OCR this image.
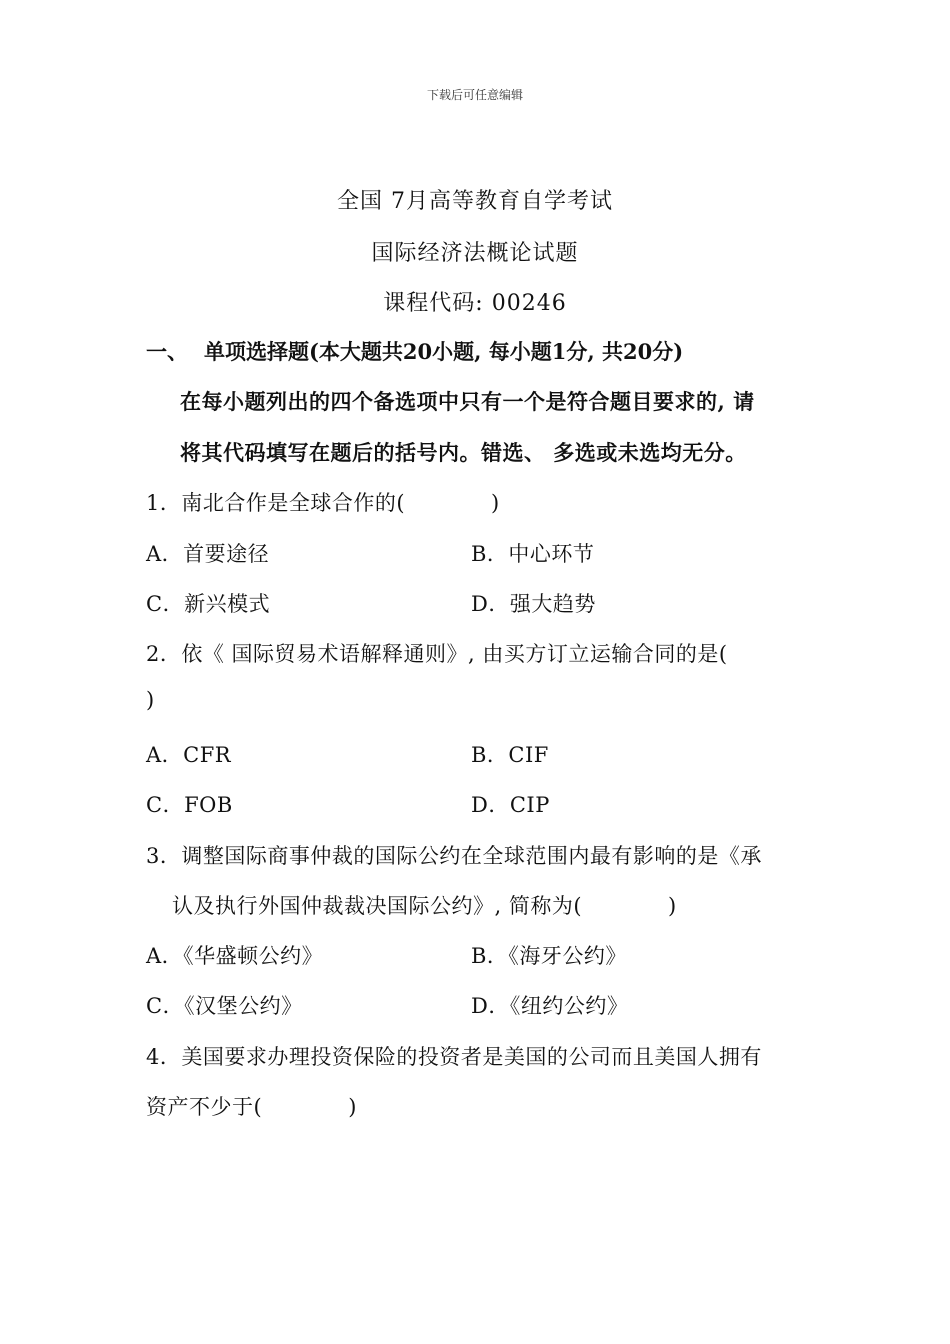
下载后可任意编辑
全国 7月高等教育自学考试
国际经济法概论试题
课程代码: 00246
一、 单项选择题(本大题共20小题, 每小题1分, 共20分)
在每小题列出的四个备选项中只有一个是符合题目要求的, 请
将其代码填写在题后的括号内。错选、 多选或未选均无分。
1．南北合作是全球合作的(　　　　)
A．首要途径	B．中心环节
C．新兴模式	D．强大趋势
2．依《 国际贸易术语解释通则》, 由买方订立运输合同的是(
)
A．CFR	B．CIF
C．FOB	D．CIP
3．调整国际商事仲裁的国际公约在全球范围内最有影响的是《承
认及执行外国仲裁裁决国际公约》, 简称为(　　　　)
A．《华盛顿公约》	B．《海牙公约》
C．《汉堡公约》	D．《纽约公约》
4．美国要求办理投资保险的投资者是美国的公司而且美国人拥有
资产不少于(　　　　)
